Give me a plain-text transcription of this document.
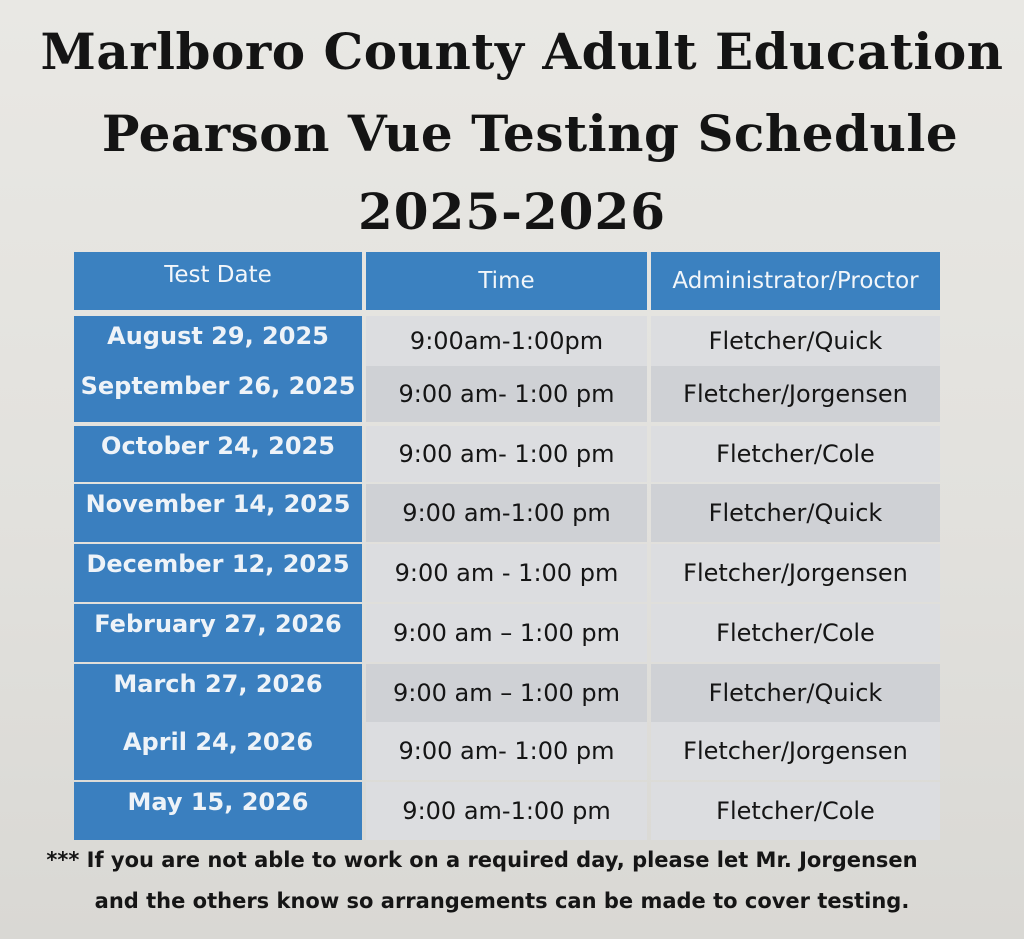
Marlboro County Adult Education
Pearson Vue Testing Schedule
2025-2026
Test Date	Time	Administrator/Proctor
August 29, 2025	9:00am-1:00pm	Fletcher/Quick
September 26, 2025	9:00 am- 1:00 pm	Fletcher/Jorgensen
October 24, 2025	9:00 am- 1:00 pm	Fletcher/Cole
November 14, 2025	9:00 am-1:00 pm	Fletcher/Quick
December 12, 2025	9:00 am - 1:00 pm	Fletcher/Jorgensen
February 27, 2026	9:00 am – 1:00 pm	Fletcher/Cole
March 27, 2026	9:00 am – 1:00 pm	Fletcher/Quick
April 24, 2026	9:00 am- 1:00 pm	Fletcher/Jorgensen
May 15, 2026	9:00 am-1:00 pm	Fletcher/Cole

*** If you are not able to work on a required day, please let Mr. Jorgensen

and the others know so arrangements can be made to cover testing.
